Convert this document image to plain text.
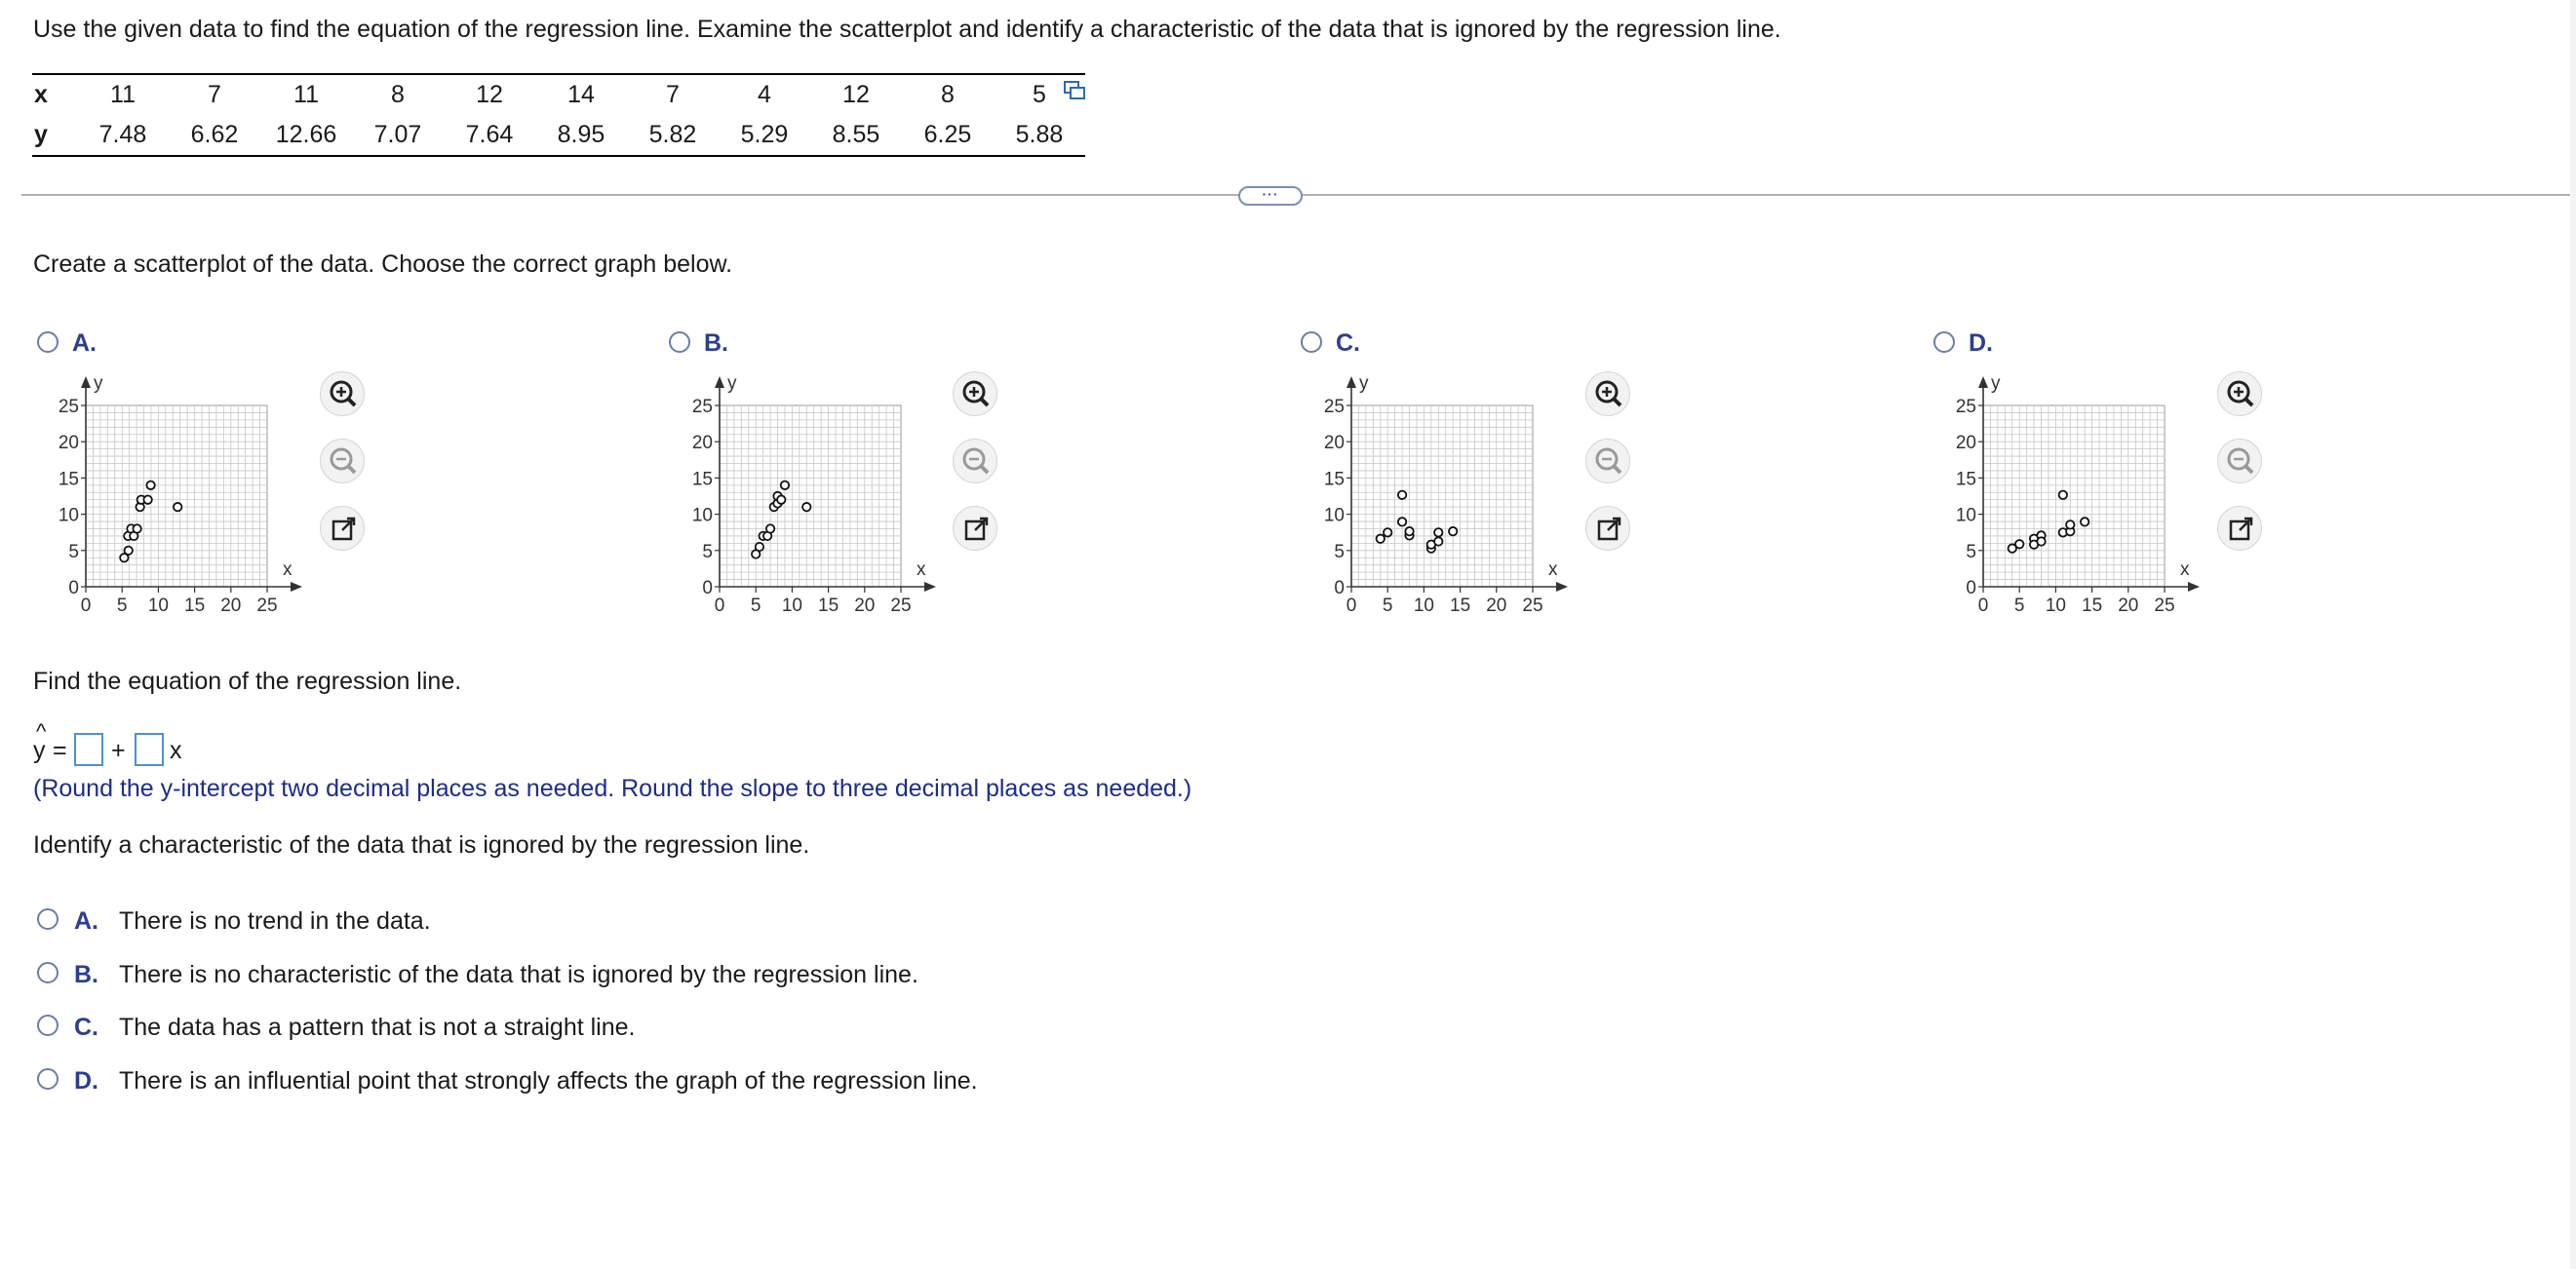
Use the given data to find the equation of the regression line. Examine the scatterplot and identify a characteristic of the data that is ignored by the regression line.
x	11	7	11	8	12	14	7	4	12	8	5
y	7.48	6.62	12.66	7.07	7.64	8.95	5.82	5.29	8.55	6.25	5.88
···
Create a scatterplot of the data. Choose the correct graph below.
A.	B.	C.	D.
y
x
0 5 10 15 20 25
0
5
10
15
20
25
y
x
0 5 10 15 20 25
0
5
10
15
20
25
y
x
0 5 10 15 20 25
0
5
10
15
20
25
y
x
0 5 10 15 20 25
0
5
10
15
20
25
Find the equation of the regression line.
^
y = + x
(Round the y-intercept two decimal places as needed. Round the slope to three decimal places as needed.)
Identify a characteristic of the data that is ignored by the regression line.
A. There is no trend in the data.
B. There is no characteristic of the data that is ignored by the regression line.
C. The data has a pattern that is not a straight line.
D. There is an influential point that strongly affects the graph of the regression line.
